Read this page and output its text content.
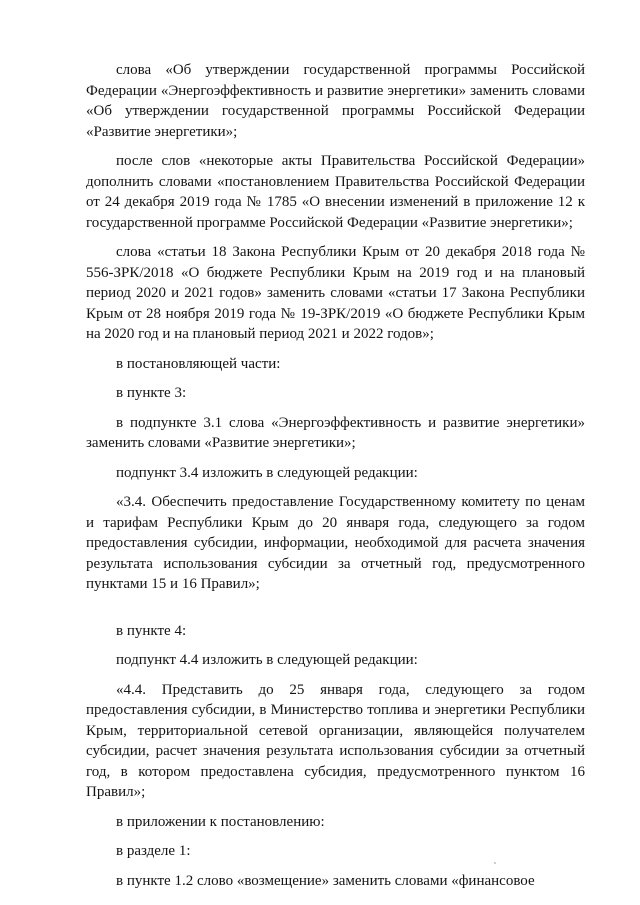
слова «Об утверждении государственной программы Российской Федерации «Энергоэффективность и развитие энергетики» заменить словами «Об утверждении государственной программы Российской Федерации «Развитие энергетики»;

после слов «некоторые акты Правительства Российской Федерации» дополнить словами «постановлением Правительства Российской Федерации от 24 декабря 2019 года № 1785 «О внесении изменений в приложение 12 к государственной программе Российской Федерации «Развитие энергетики»;

слова «статьи 18 Закона Республики Крым от 20 декабря 2018 года № 556-ЗРК/2018 «О бюджете Республики Крым на 2019 год и на плановый период 2020 и 2021 годов» заменить словами «статьи 17 Закона Республики Крым от 28 ноября 2019 года № 19-ЗРК/2019 «О бюджете Республики Крым на 2020 год и на плановый период 2021 и 2022 годов»;

в постановляющей части:

в пункте 3:

в подпункте 3.1 слова «Энергоэффективность и развитие энергетики» заменить словами «Развитие энергетики»;

подпункт 3.4 изложить в следующей редакции:

«3.4. Обеспечить предоставление Государственному комитету по ценам и тарифам Республики Крым до 20 января года, следующего за годом предоставления субсидии, информации, необходимой для расчета значения результата использования субсидии за отчетный год, предусмотренного пунктами 15 и 16 Правил»;

в пункте 4:

подпункт 4.4 изложить в следующей редакции:

«4.4. Представить до 25 января года, следующего за годом предоставления субсидии, в Министерство топлива и энергетики Республики Крым, территориальной сетевой организации, являющейся получателем субсидии, расчет значения результата использования субсидии за отчетный год, в котором предоставлена субсидия, предусмотренного пунктом 16 Правил»;

в приложении к постановлению:

в разделе 1:

в пункте 1.2 слово «возмещение» заменить словами «финансовое
